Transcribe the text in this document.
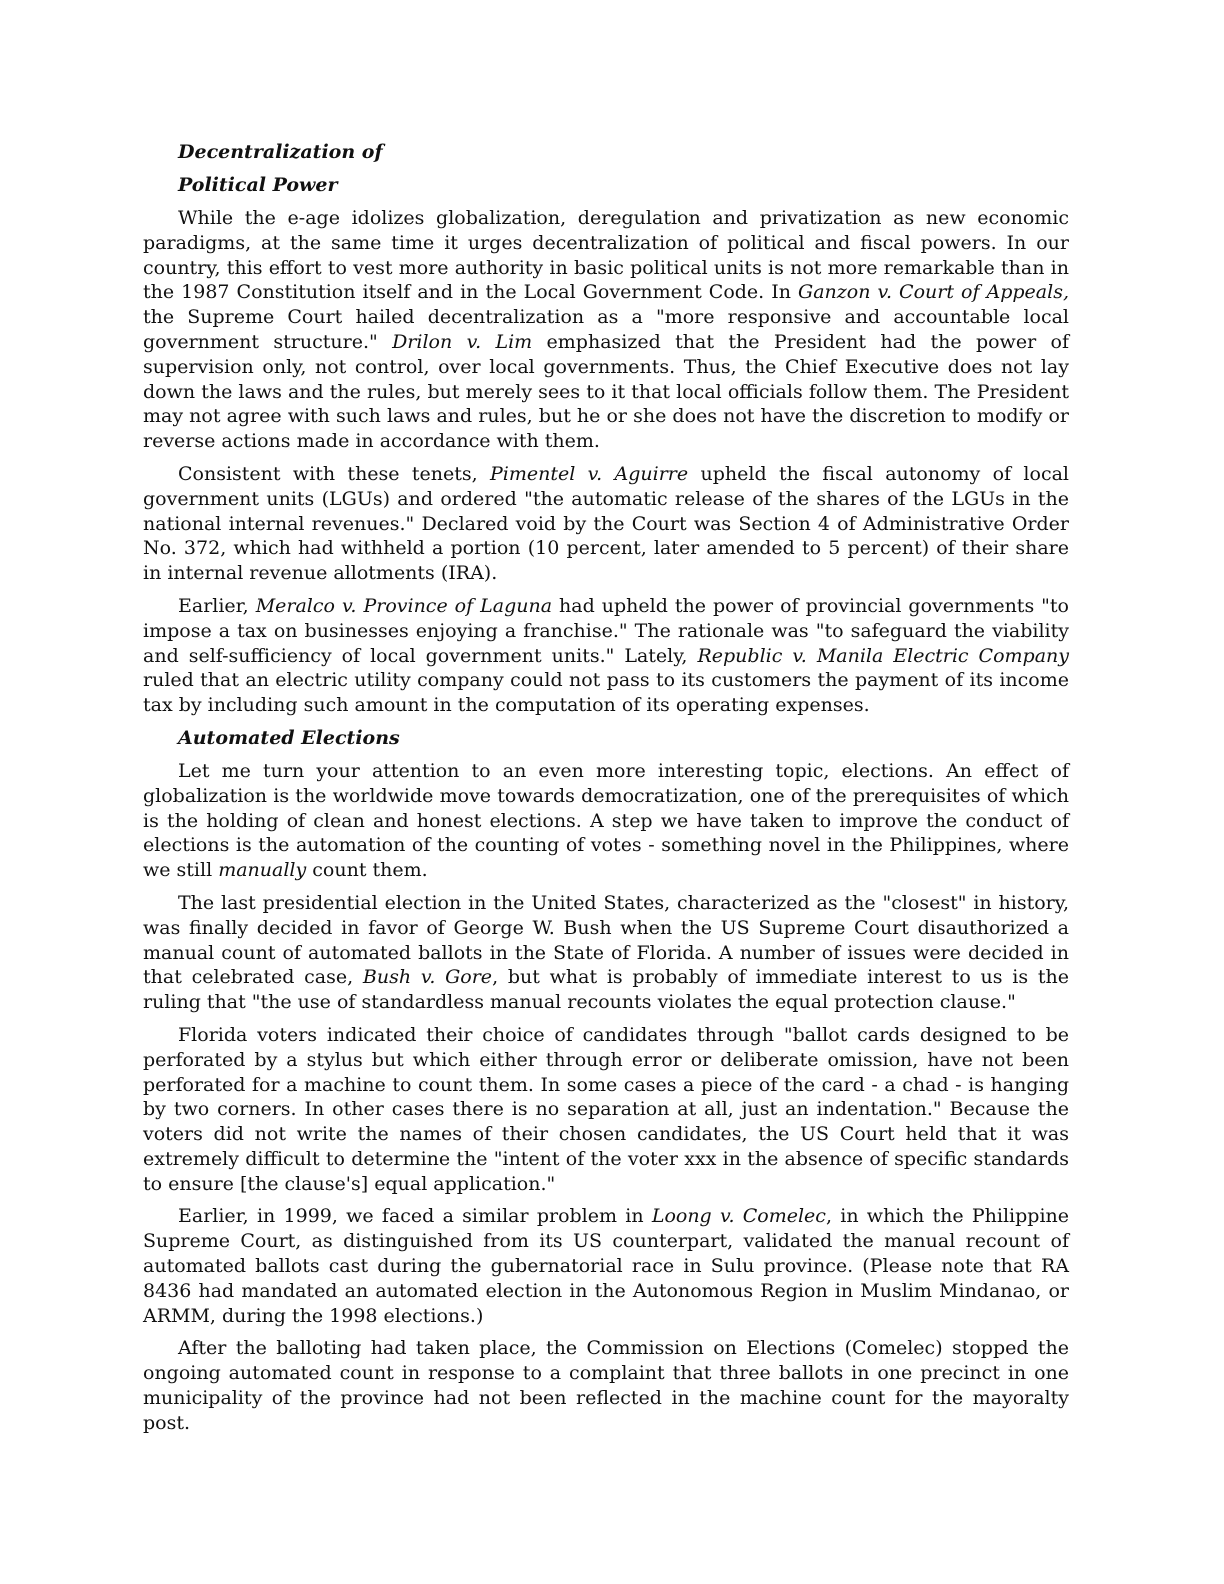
Decentralization of
Political Power

While the e-age idolizes globalization, deregulation and privatization as new economic paradigms, at the same time it urges decentralization of political and fiscal powers. In our country, this effort to vest more authority in basic political units is not more remarkable than in the 1987 Constitution itself and in the Local Government Code. In Ganzon v. Court of Appeals, the Supreme Court hailed decentralization as a "more responsive and accountable local government structure." Drilon v. Lim emphasized that the President had the power of supervision only, not control, over local governments. Thus, the Chief Executive does not lay down the laws and the rules, but merely sees to it that local officials follow them. The President may not agree with such laws and rules, but he or she does not have the discretion to modify or reverse actions made in accordance with them.

Consistent with these tenets, Pimentel v. Aguirre upheld the fiscal autonomy of local government units (LGUs) and ordered "the automatic release of the shares of the LGUs in the national internal revenues." Declared void by the Court was Section 4 of Administrative Order No. 372, which had withheld a portion (10 percent, later amended to 5 percent) of their share in internal revenue allotments (IRA).

Earlier, Meralco v. Province of Laguna had upheld the power of provincial governments "to impose a tax on businesses enjoying a franchise." The rationale was "to safeguard the viability and self-sufficiency of local government units." Lately, Republic v. Manila Electric Company ruled that an electric utility company could not pass to its customers the payment of its income tax by including such amount in the computation of its operating expenses.

Automated Elections

Let me turn your attention to an even more interesting topic, elections. An effect of globalization is the worldwide move towards democratization, one of the prerequisites of which is the holding of clean and honest elections. A step we have taken to improve the conduct of elections is the automation of the counting of votes - something novel in the Philippines, where we still manually count them.

The last presidential election in the United States, characterized as the "closest" in history, was finally decided in favor of George W. Bush when the US Supreme Court disauthorized a manual count of automated ballots in the State of Florida. A number of issues were decided in that celebrated case, Bush v. Gore, but what is probably of immediate interest to us is the ruling that "the use of standardless manual recounts violates the equal protection clause."

Florida voters indicated their choice of candidates through "ballot cards designed to be perforated by a stylus but which either through error or deliberate omission, have not been perforated for a machine to count them. In some cases a piece of the card - a chad - is hanging by two corners. In other cases there is no separation at all, just an indentation." Because the voters did not write the names of their chosen candidates, the US Court held that it was extremely difficult to determine the "intent of the voter xxx in the absence of specific standards to ensure [the clause's] equal application."

Earlier, in 1999, we faced a similar problem in Loong v. Comelec, in which the Philippine Supreme Court, as distinguished from its US counterpart, validated the manual recount of automated ballots cast during the gubernatorial race in Sulu province. (Please note that RA 8436 had mandated an automated election in the Autonomous Region in Muslim Mindanao, or ARMM, during the 1998 elections.)

After the balloting had taken place, the Commission on Elections (Comelec) stopped the ongoing automated count in response to a complaint that three ballots in one precinct in one municipality of the province had not been reflected in the machine count for the mayoralty post.
